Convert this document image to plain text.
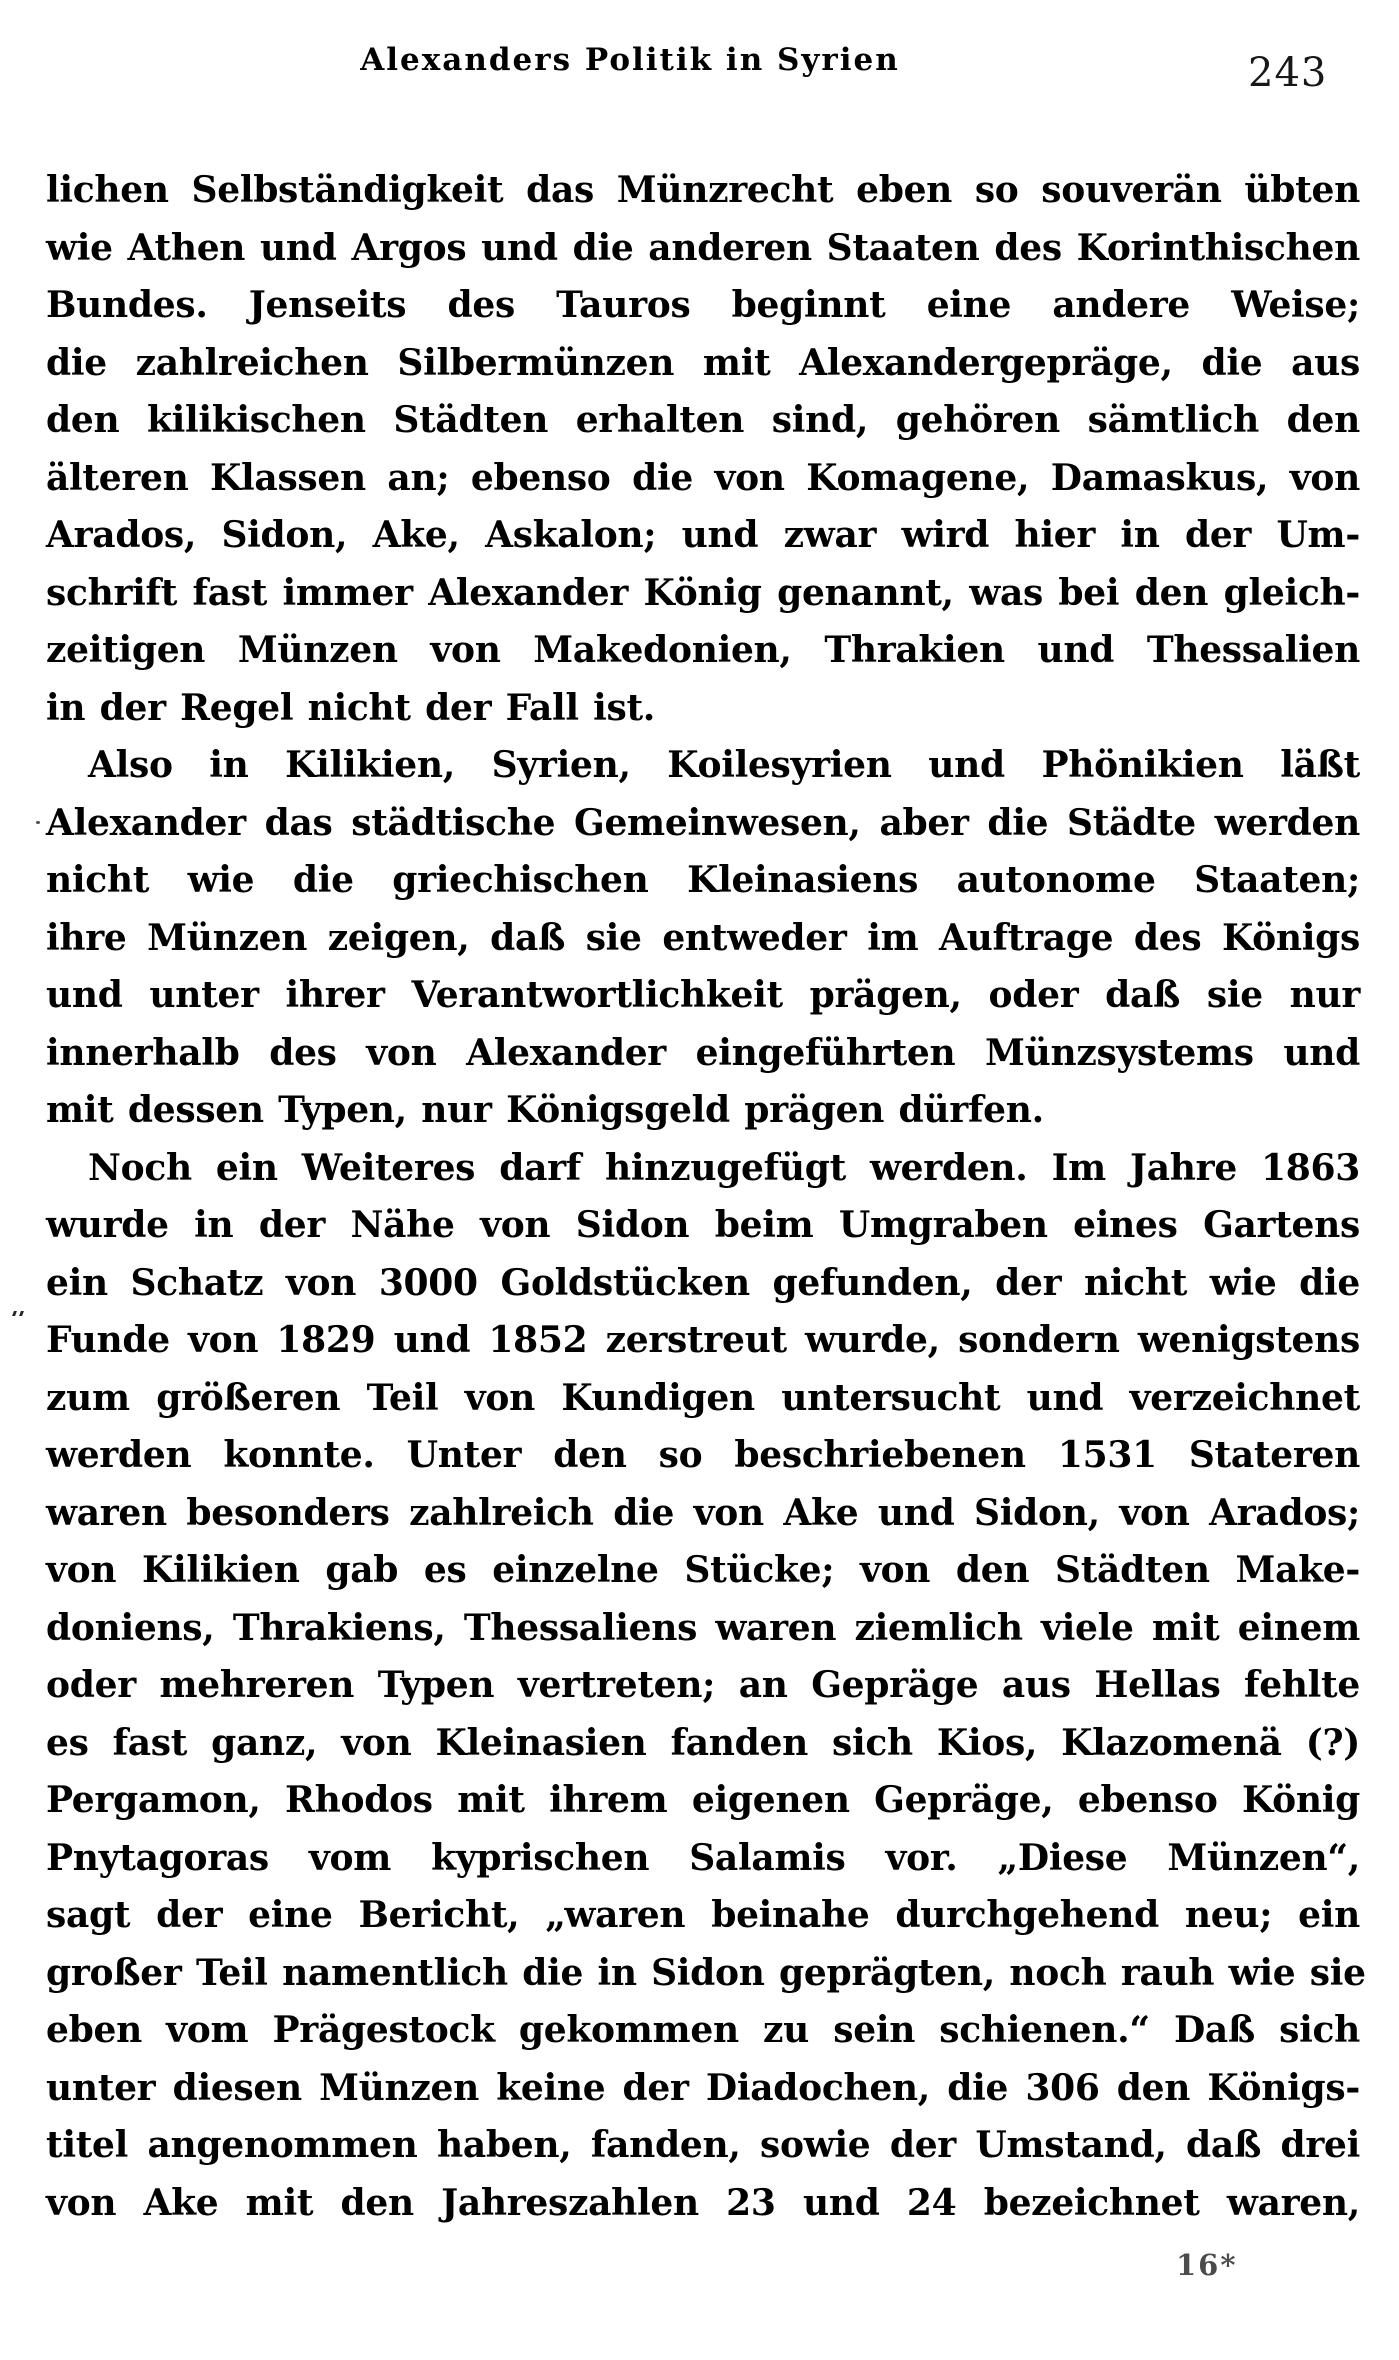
Alexanders Politik in Syrien	243
lichen Selbständigkeit das Münzrecht eben so souverän übten
wie Athen und Argos und die anderen Staaten des Korinthischen
Bundes. Jenseits des Tauros beginnt eine andere Weise;
die zahlreichen Silbermünzen mit Alexandergepräge, die aus
den kilikischen Städten erhalten sind, gehören sämtlich den
älteren Klassen an; ebenso die von Komagene, Damaskus, von
Arados, Sidon, Ake, Askalon; und zwar wird hier in der Um-
schrift fast immer Alexander König genannt, was bei den gleich-
zeitigen Münzen von Makedonien, Thrakien und Thessalien
in der Regel nicht der Fall ist.
Also in Kilikien, Syrien, Koilesyrien und Phönikien läßt
Alexander das städtische Gemeinwesen, aber die Städte werden
nicht wie die griechischen Kleinasiens autonome Staaten;
ihre Münzen zeigen, daß sie entweder im Auftrage des Königs
und unter ihrer Verantwortlichkeit prägen, oder daß sie nur
innerhalb des von Alexander eingeführten Münzsystems und
mit dessen Typen, nur Königsgeld prägen dürfen.
Noch ein Weiteres darf hinzugefügt werden. Im Jahre 1863
wurde in der Nähe von Sidon beim Umgraben eines Gartens
ein Schatz von 3000 Goldstücken gefunden, der nicht wie die
Funde von 1829 und 1852 zerstreut wurde, sondern wenigstens
zum größeren Teil von Kundigen untersucht und verzeichnet
werden konnte. Unter den so beschriebenen 1531 Stateren
waren besonders zahlreich die von Ake und Sidon, von Arados;
von Kilikien gab es einzelne Stücke; von den Städten Make-
doniens, Thrakiens, Thessaliens waren ziemlich viele mit einem
oder mehreren Typen vertreten; an Gepräge aus Hellas fehlte
es fast ganz, von Kleinasien fanden sich Kios, Klazomenä (?)
Pergamon, Rhodos mit ihrem eigenen Gepräge, ebenso König
Pnytagoras vom kyprischen Salamis vor. „Diese Münzen“,
sagt der eine Bericht, „waren beinahe durchgehend neu; ein
großer Teil namentlich die in Sidon geprägten, noch rauh wie sie
eben vom Prägestock gekommen zu sein schienen.“ Daß sich
unter diesen Münzen keine der Diadochen, die 306 den Königs-
titel angenommen haben, fanden, sowie der Umstand, daß drei
von Ake mit den Jahreszahlen 23 und 24 bezeichnet waren,
16*
